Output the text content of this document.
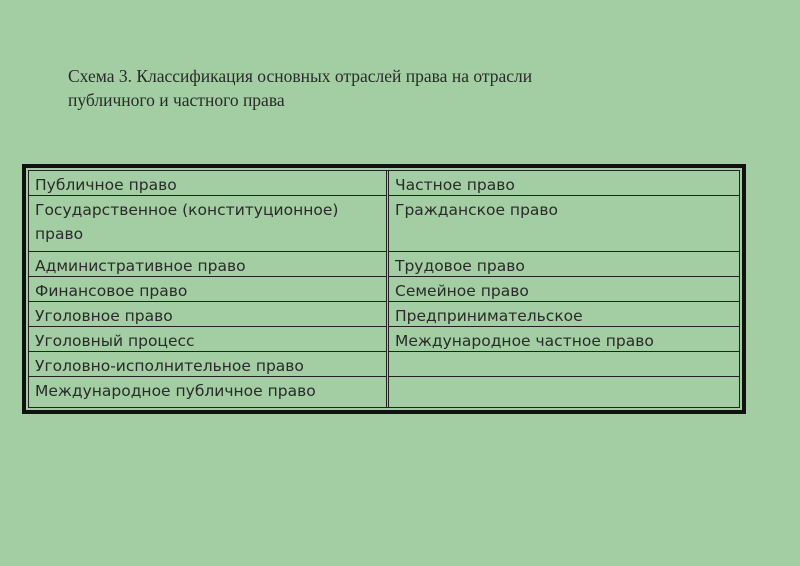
Схема 3. Классификация основных отраслей права на отрасли
публичного и частного права
Публичное право
Государственное (конституционное) право
Административное право
Финансовое право
Уголовное право
Уголовный процесс
Уголовно-исполнительное право
Международное публичное право
Частное право
Гражданское право
Трудовое право
Семейное право
Предпринимательское
Международное частное право
